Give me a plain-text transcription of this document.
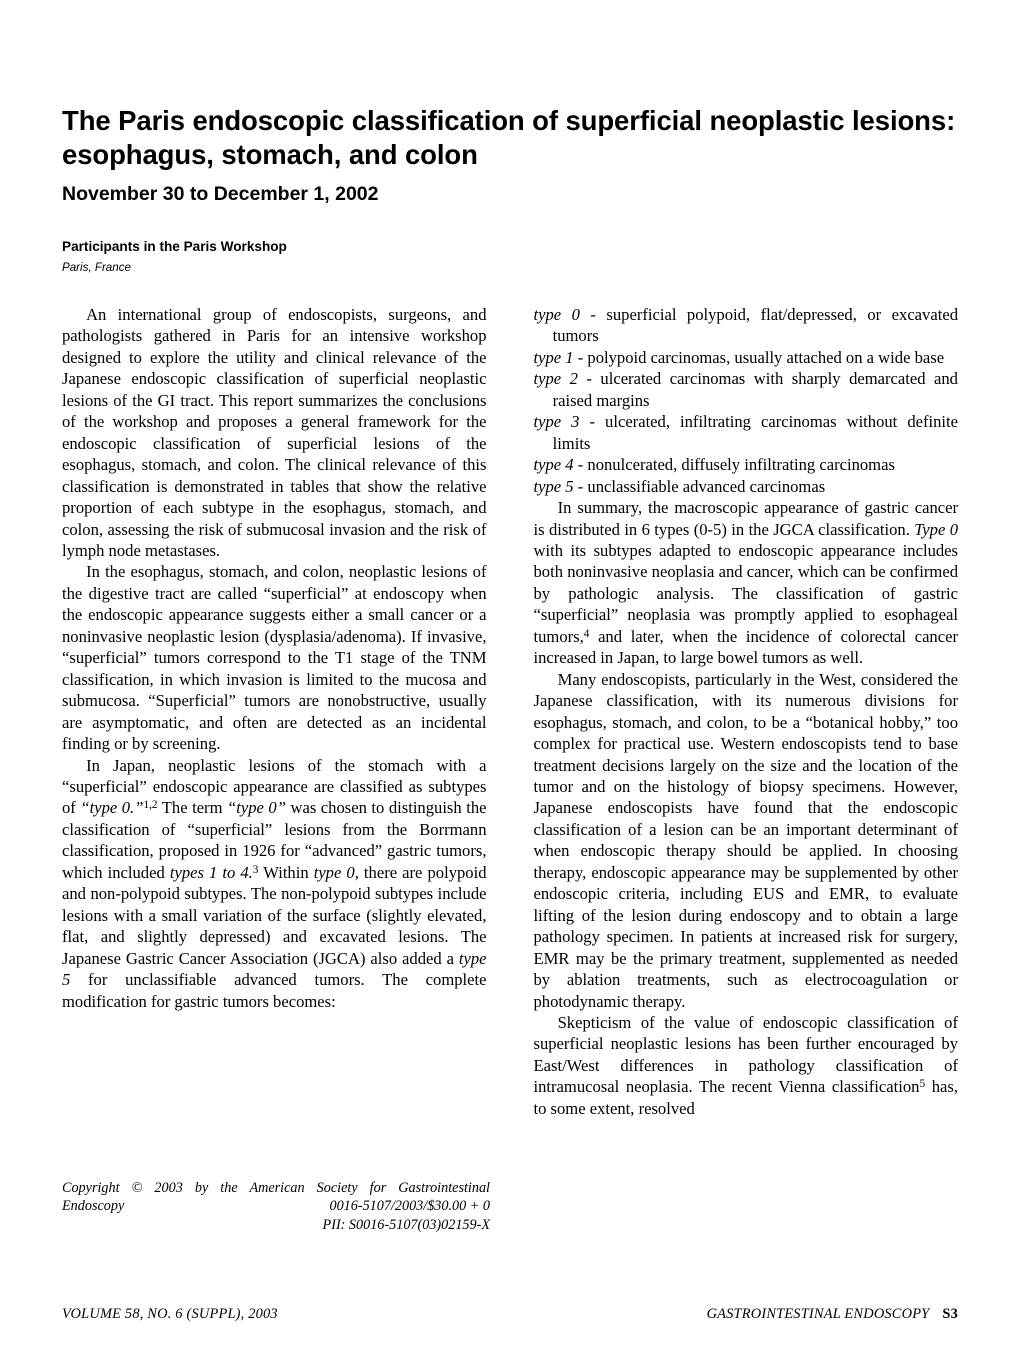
The Paris endoscopic classification of superficial neoplastic lesions: esophagus, stomach, and colon
November 30 to December 1, 2002
Participants in the Paris Workshop
Paris, France

An international group of endoscopists, surgeons, and pathologists gathered in Paris for an intensive workshop designed to explore the utility and clinical relevance of the Japanese endoscopic classification of superficial neoplastic lesions of the GI tract. This report summarizes the conclusions of the workshop and proposes a general framework for the endoscopic classification of superficial lesions of the esophagus, stomach, and colon. The clinical relevance of this classification is demonstrated in tables that show the relative proportion of each subtype in the esophagus, stomach, and colon, assessing the risk of submucosal invasion and the risk of lymph node metastases.

In the esophagus, stomach, and colon, neoplastic lesions of the digestive tract are called “superficial” at endoscopy when the endoscopic appearance suggests either a small cancer or a noninvasive neoplastic lesion (dysplasia/adenoma). If invasive, “superficial” tumors correspond to the T1 stage of the TNM classification, in which invasion is limited to the mucosa and submucosa. “Superficial” tumors are nonobstructive, usually are asymptomatic, and often are detected as an incidental finding or by screening.

In Japan, neoplastic lesions of the stomach with a “superficial” endoscopic appearance are classified as subtypes of “type 0.”$^{1,2}$ The term “type 0” was chosen to distinguish the classification of “superficial” lesions from the Borrmann classification, proposed in 1926 for “advanced” gastric tumors, which included types 1 to 4.$^3$ Within type 0, there are polypoid and non-polypoid subtypes. The non-polypoid subtypes include lesions with a small variation of the surface (slightly elevated, flat, and slightly depressed) and excavated lesions. The Japanese Gastric Cancer Association (JGCA) also added a type 5 for unclassifiable advanced tumors. The complete modification for gastric tumors becomes:

Copyright © 2003 by the American Society for Gastrointestinal

Endoscopy	0016-5107/2003/$30.00 + 0

PII: S0016-5107(03)02159-X

type 0 - superficial polypoid, flat/depressed, or excavated tumors

type 1 - polypoid carcinomas, usually attached on a wide base

type 2 - ulcerated carcinomas with sharply demarcated and raised margins

type 3 - ulcerated, infiltrating carcinomas without definite limits

type 4 - nonulcerated, diffusely infiltrating carcinomas

type 5 - unclassifiable advanced carcinomas

In summary, the macroscopic appearance of gastric cancer is distributed in 6 types (0-5) in the JGCA classification. Type 0 with its subtypes adapted to endoscopic appearance includes both noninvasive neoplasia and cancer, which can be confirmed by pathologic analysis. The classification of gastric “superficial” neoplasia was promptly applied to esophageal tumors,$^4$ and later, when the incidence of colorectal cancer increased in Japan, to large bowel tumors as well.

Many endoscopists, particularly in the West, considered the Japanese classification, with its numerous divisions for esophagus, stomach, and colon, to be a “botanical hobby,” too complex for practical use. Western endoscopists tend to base treatment decisions largely on the size and the location of the tumor and on the histology of biopsy specimens. However, Japanese endoscopists have found that the endoscopic classification of a lesion can be an important determinant of when endoscopic therapy should be applied. In choosing therapy, endoscopic appearance may be supplemented by other endoscopic criteria, including EUS and EMR, to evaluate lifting of the lesion during endoscopy and to obtain a large pathology specimen. In patients at increased risk for surgery, EMR may be the primary treatment, supplemented as needed by ablation treatments, such as electrocoagulation or photodynamic therapy.

Skepticism of the value of endoscopic classification of superficial neoplastic lesions has been further encouraged by East/West differences in pathology classification of intramucosal neoplasia. The recent Vienna classification$^5$ has, to some extent, resolved

VOLUME 58, NO. 6 (SUPPL), 2003	GASTROINTESTINAL ENDOSCOPY S3
